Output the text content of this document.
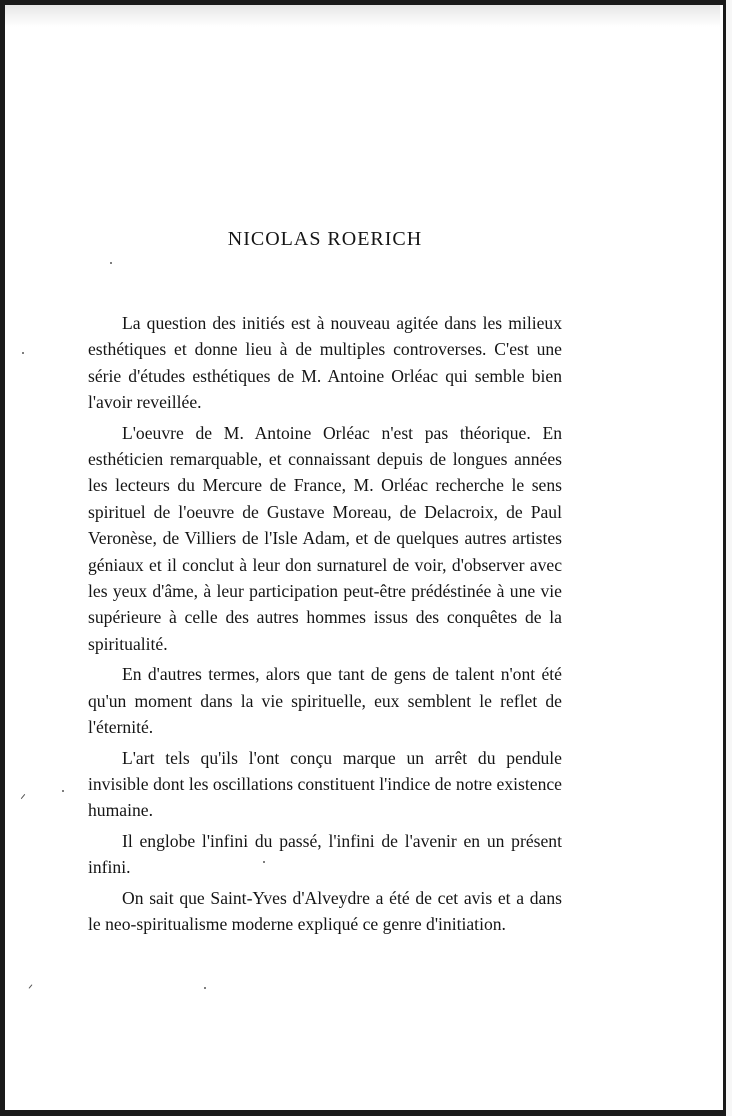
NICOLAS ROERICH

La question des initiés est à nouveau agitée dans les milieux esthétiques et donne lieu à de multiples controverses. C'est une série d'études esthétiques de M. Antoine Orléac qui semble bien l'avoir reveillée.

L'oeuvre de M. Antoine Orléac n'est pas théorique. En esthéticien remarquable, et connaissant depuis de longues années les lecteurs du Mercure de France, M. Orléac recherche le sens spirituel de l'oeuvre de Gustave Moreau, de Delacroix, de Paul Veronèse, de Villiers de l'Isle Adam, et de quelques autres artistes géniaux et il conclut à leur don surnaturel de voir, d'observer avec les yeux d'âme, à leur participation peut-être prédéstinée à une vie supérieure à celle des autres hommes issus des conquêtes de la spiritualité.

En d'autres termes, alors que tant de gens de talent n'ont été qu'un moment dans la vie spirituelle, eux semblent le reflet de l'éternité.

L'art tels qu'ils l'ont conçu marque un arrêt du pendule invisible dont les oscillations constituent l'indice de notre existence humaine.

Il englobe l'infini du passé, l'infini de l'avenir en un présent infini.

On sait que Saint-Yves d'Alveydre a été de cet avis et a dans le neo-spiritualisme moderne expliqué ce genre d'initiation.
